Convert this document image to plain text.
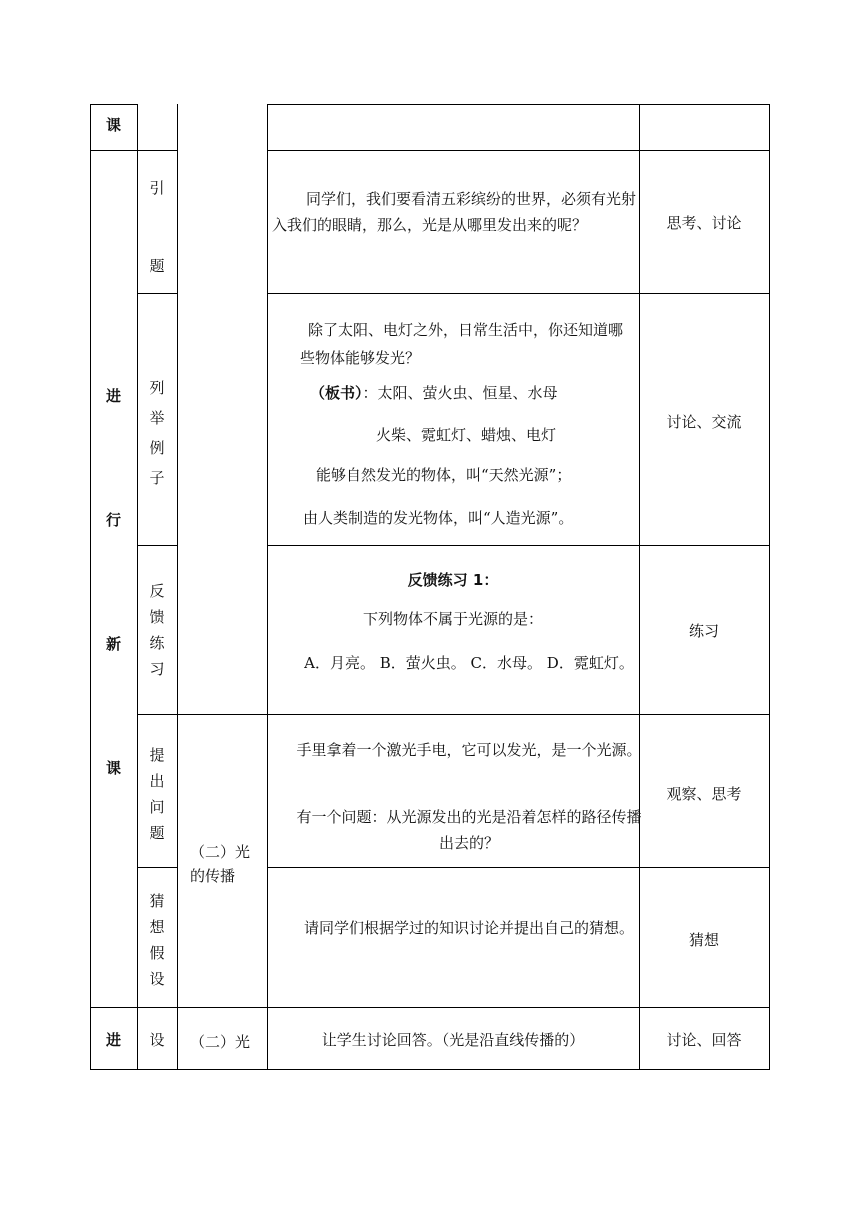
课
进
行
新
课
进
引
题
列
举
例
子
反
馈
练
习
提
出
问
题
猜
想
假
设
设
（二）光的传播
（二）光
同学们，我们要看清五彩缤纷的世界，必须有光射入我们的眼睛，那么，光是从哪里发出来的呢？
除了太阳、电灯之外，日常生活中，你还知道哪些物体能够发光？
（板书）：太阳、萤火虫、恒星、水母
火柴、霓虹灯、蜡烛、电灯
能够自然发光的物体，叫“天然光源”；
由人类制造的发光物体，叫“人造光源”。
反馈练习 1：
下列物体不属于光源的是：
A．月亮。 B．萤火虫。 C．水母。 D．霓虹灯。
手里拿着一个激光手电，它可以发光，是一个光源。
有一个问题：从光源发出的光是沿着怎样的路径传播出去的？
请同学们根据学过的知识讨论并提出自己的猜想。
让学生讨论回答。（光是沿直线传播的）
思考、讨论
讨论、交流
练习
观察、思考
猜想
讨论、回答
